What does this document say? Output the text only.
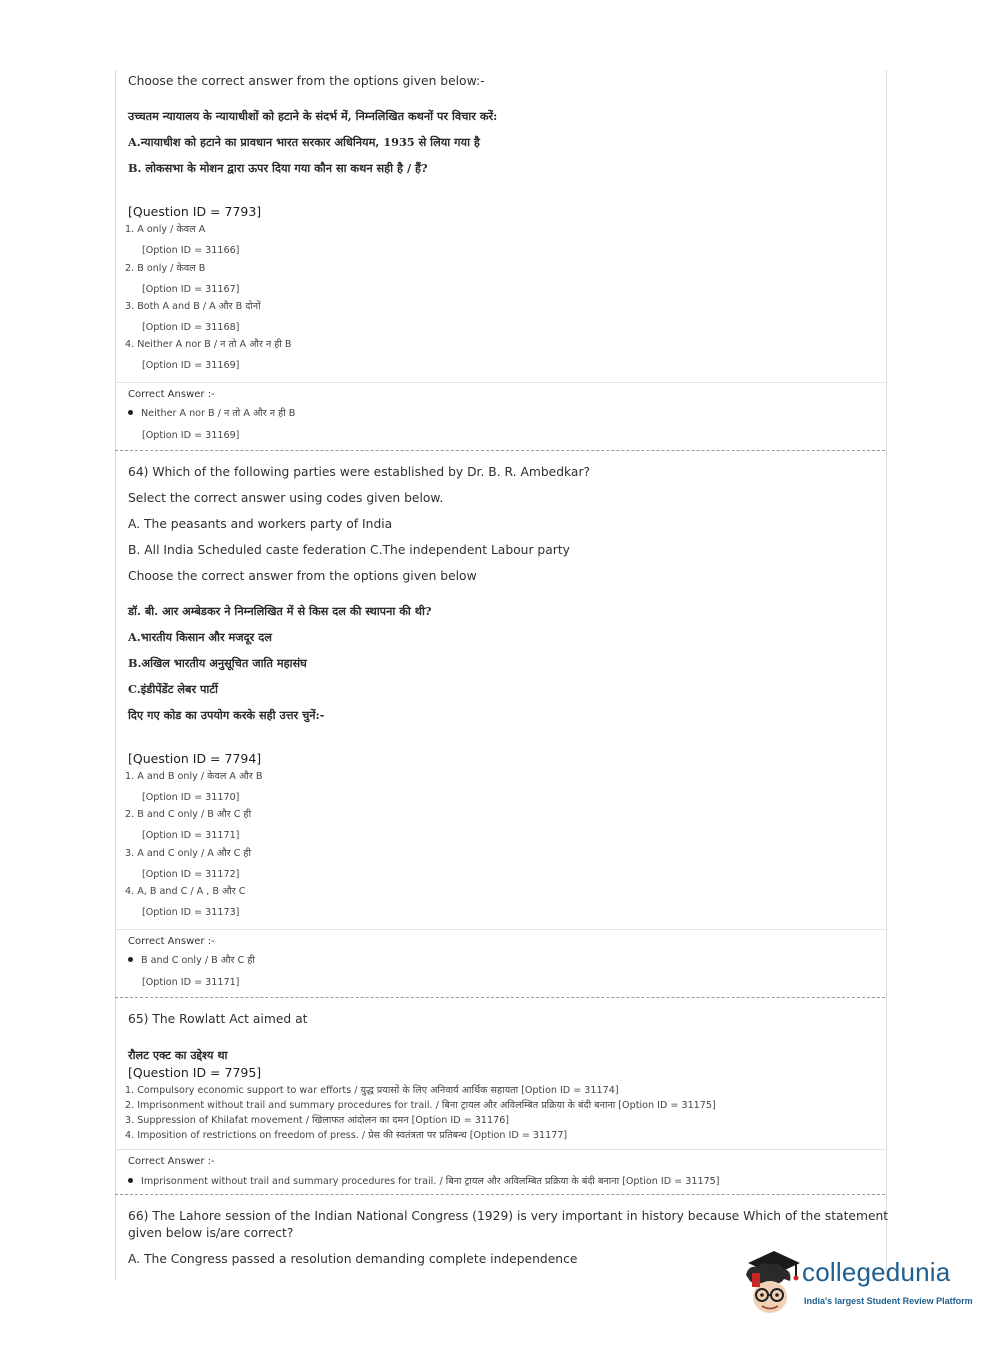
Choose the correct answer from the options given below:-
उच्चतम न्यायालय के न्यायाधीशों को हटाने के संदर्भ में, निम्नलिखित कथनों पर विचार करें:
A.न्यायाधीश को हटाने का प्रावधान भारत सरकार अधिनियम, 1935 से लिया गया है
B. लोकसभा के मोशन द्वारा ऊपर दिया गया कौन सा कथन सही है / हैं?
[Question ID = 7793]
1. A only / केवल A
[Option ID = 31166]
2. B only / केवल B
[Option ID = 31167]
3. Both A and B / A और B दोनों
[Option ID = 31168]
4. Neither A nor B / न तो A और न ही B
[Option ID = 31169]
Correct Answer :-
Neither A nor B / न तो A और न ही B
[Option ID = 31169]
64) Which of the following parties were established by Dr. B. R. Ambedkar?
Select the correct answer using codes given below.
A. The peasants and workers party of India
B. All India Scheduled caste federation C.The independent Labour party
Choose the correct answer from the options given below
डॉ. बी. आर अम्बेडकर ने निम्नलिखित में से किस दल की स्थापना की थी?
A.भारतीय किसान और मजदूर दल
B.अखिल भारतीय अनुसूचित जाति महासंघ
C.इंडीपेंडेंट लेबर पार्टी
दिए गए कोड का उपयोग करके सही उत्तर चुनें:-
[Question ID = 7794]
1. A and B only / केवल A और B
[Option ID = 31170]
2. B and C only / B और C ही
[Option ID = 31171]
3. A and C only / A और C ही
[Option ID = 31172]
4. A, B and C / A , B और C
[Option ID = 31173]
Correct Answer :-
B and C only / B और C ही
[Option ID = 31171]
65) The Rowlatt Act aimed at
रौलट एक्ट का उद्देश्य था
[Question ID = 7795]
1. Compulsory economic support to war efforts / युद्ध प्रयासों के लिए अनिवार्य आर्थिक सहायता [Option ID = 31174]
2. Imprisonment without trail and summary procedures for trail. / बिना ट्रायल और अविलम्बित प्रक्रिया के बंदी बनाना [Option ID = 31175]
3. Suppression of Khilafat movement / खिलाफत आंदोलन का दमन [Option ID = 31176]
4. Imposition of restrictions on freedom of press. / प्रेस की स्वतंत्रता पर प्रतिबन्ध [Option ID = 31177]
Correct Answer :-
Imprisonment without trail and summary procedures for trail. / बिना ट्रायल और अविलम्बित प्रक्रिया के बंदी बनाना [Option ID = 31175]
66) The Lahore session of the Indian National Congress (1929) is very important in history because Which of the statement
given below is/are correct?
A. The Congress passed a resolution demanding complete independence	collegedunia
India's largest Student Review Platform
